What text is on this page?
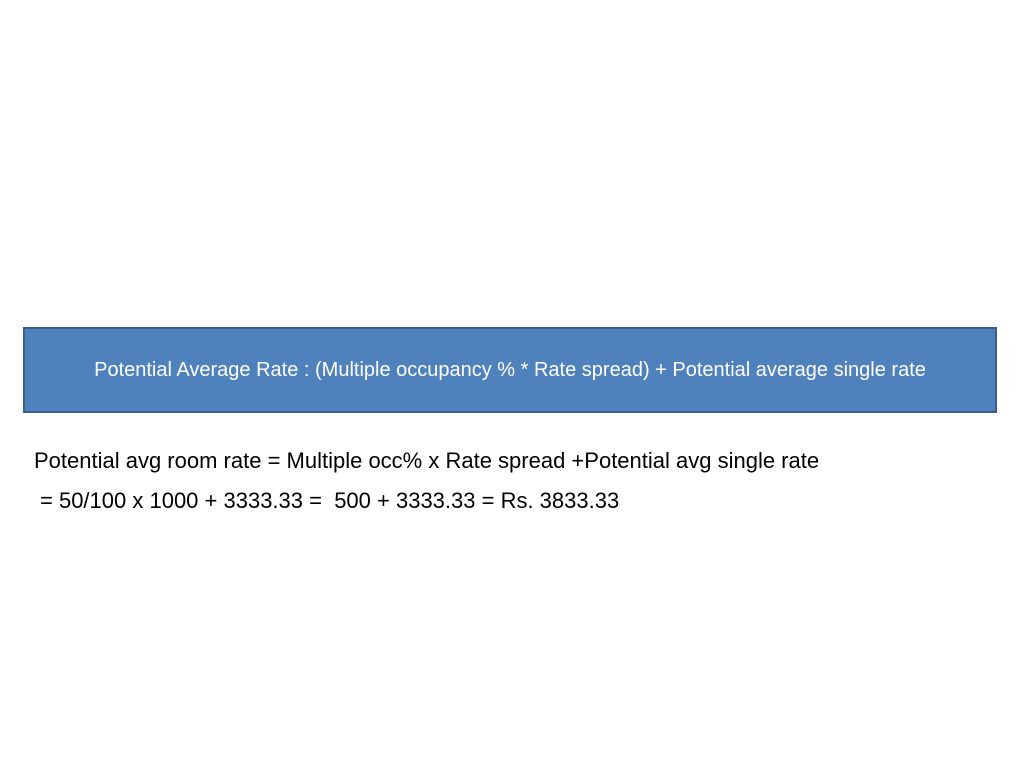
Potential Average Rate : (Multiple occupancy % * Rate spread) + Potential average single rate

Potential avg room rate = Multiple occ% x Rate spread +Potential avg single rate

= 50/100 x 1000 + 3333.33 =  500 + 3333.33 = Rs. 3833.33
